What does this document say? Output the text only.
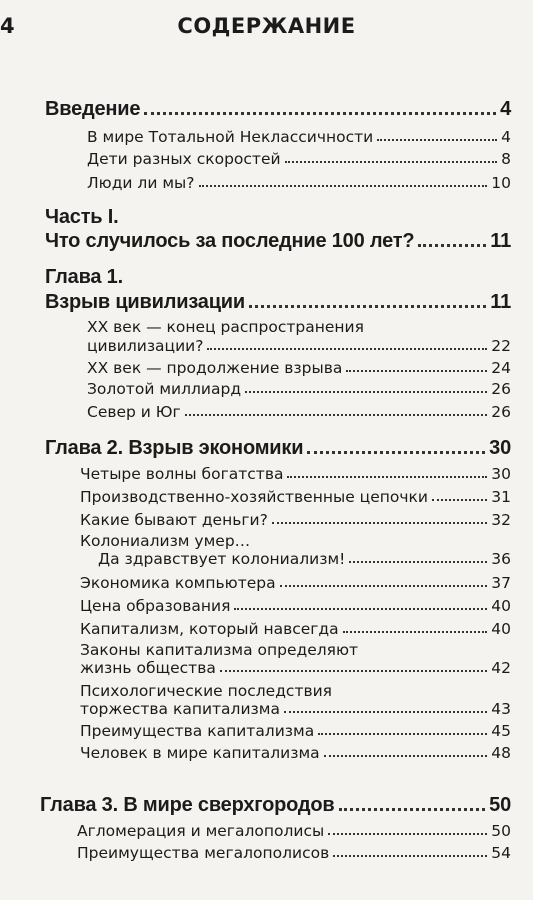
4	СОДЕРЖАНИЕ
Введение	4
В мире Тотальной Неклассичности	4
Дети разных скоростей	8
Люди ли мы?	10
Часть I.
Что случилось за последние 100 лет?	11
Глава 1.
Взрыв цивилизации	11
XX век — конец распространения
цивилизации?	22
XX век — продолжение взрыва	24
Золотой миллиард	26
Север и Юг	26
Глава 2. Взрыв экономики	30
Четыре волны богатства	30
Производственно-хозяйственные цепочки	31
Какие бывают деньги?	32
Колониализм умер…
Да здравствует колониализм!	36
Экономика компьютера	37
Цена образования	40
Капитализм, который навсегда	40
Законы капитализма определяют
жизнь общества	42
Психологические последствия
торжества капитализма	43
Преимущества капитализма	45
Человек в мире капитализма	48
Глава 3. В мире сверхгородов	50
Агломерация и мегалополисы	50
Преимущества мегалополисов	54
